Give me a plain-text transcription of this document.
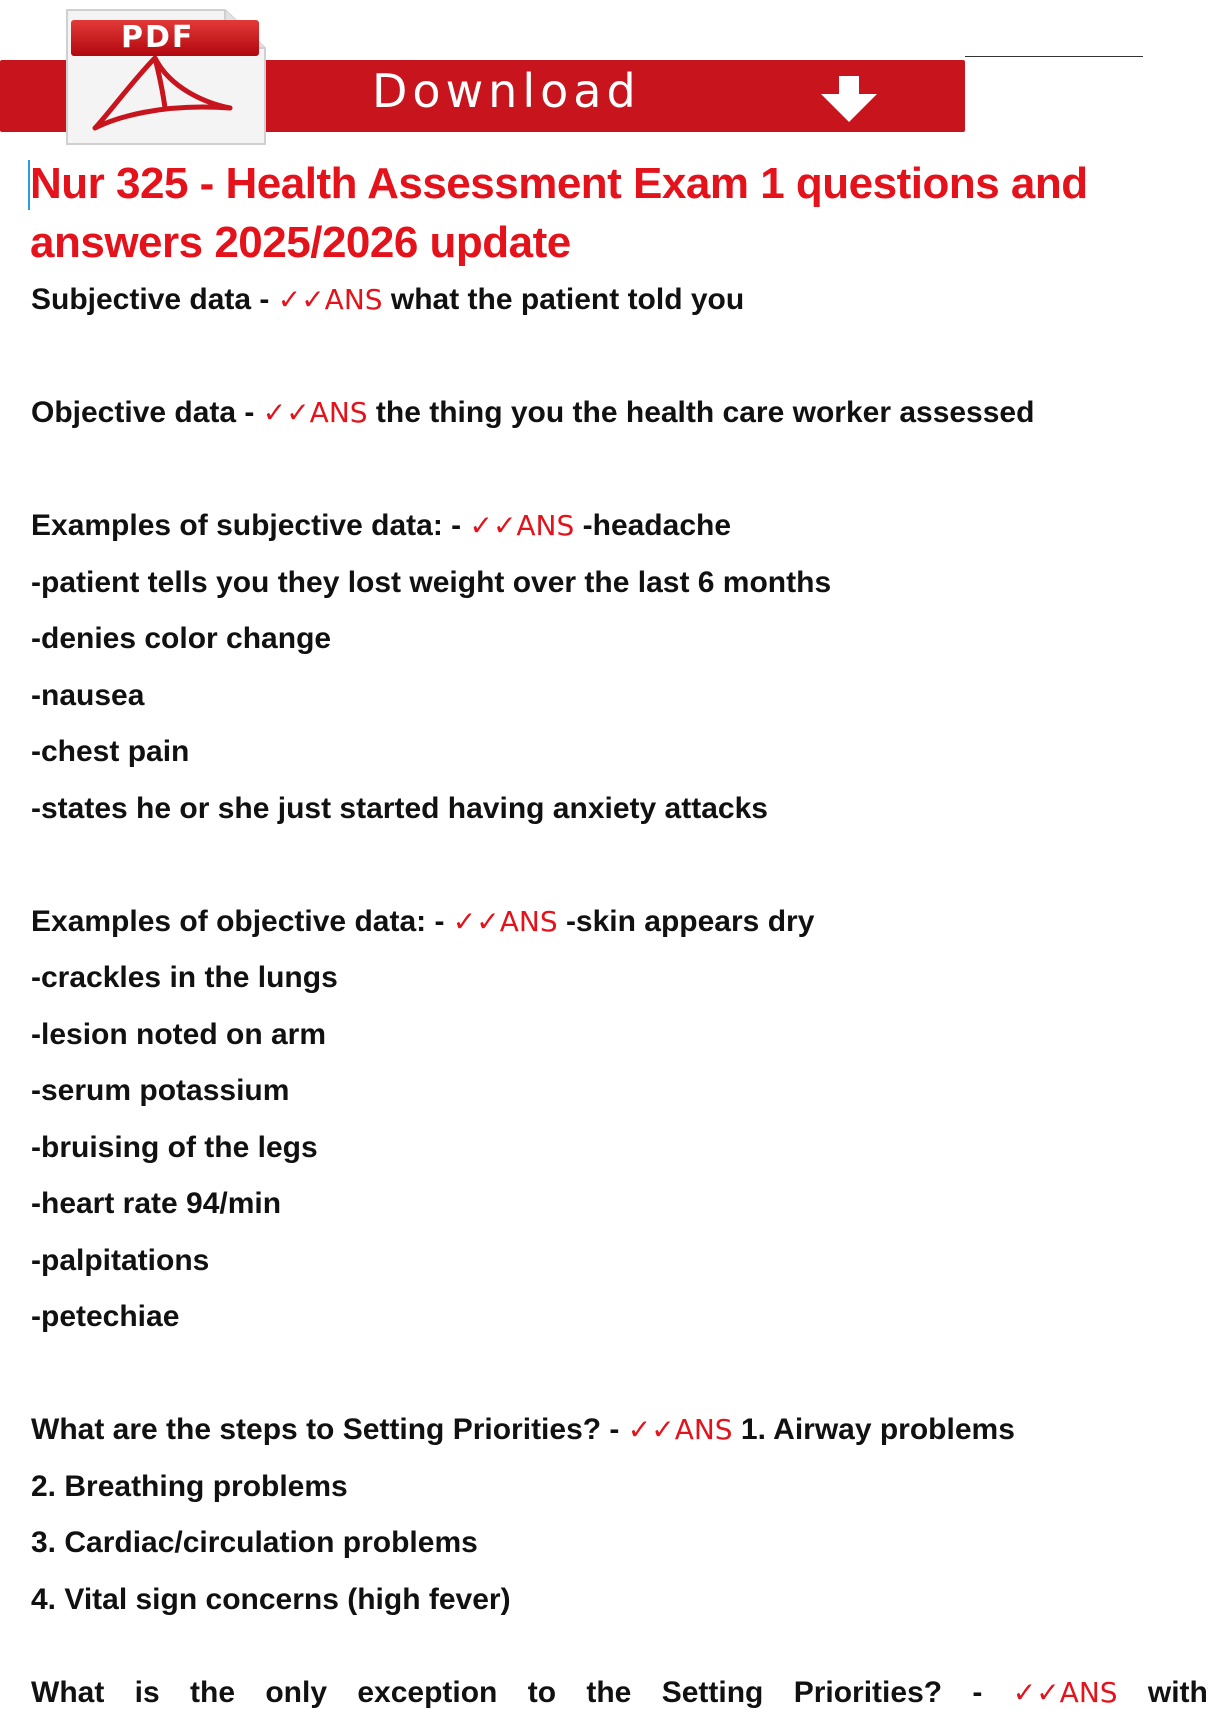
Download
PDF
Nur 325 - Health Assessment Exam 1 questions and
answers 2025/2026 update
Subjective data - ✓✓ANS what the patient told you
Objective data - ✓✓ANS the thing you the health care worker assessed
Examples of subjective data: - ✓✓ANS -headache
-patient tells you they lost weight over the last 6 months
-denies color change
-nausea
-chest pain
-states he or she just started having anxiety attacks
Examples of objective data: - ✓✓ANS -skin appears dry
-crackles in the lungs
-lesion noted on arm
-serum potassium
-bruising of the legs
-heart rate 94/min
-palpitations
-petechiae
What are the steps to Setting Priorities? - ✓✓ANS 1. Airway problems
2. Breathing problems
3. Cardiac/circulation problems
4. Vital sign concerns (high fever)
What is the only exception to the Setting Priorities? - ✓✓ANS with
